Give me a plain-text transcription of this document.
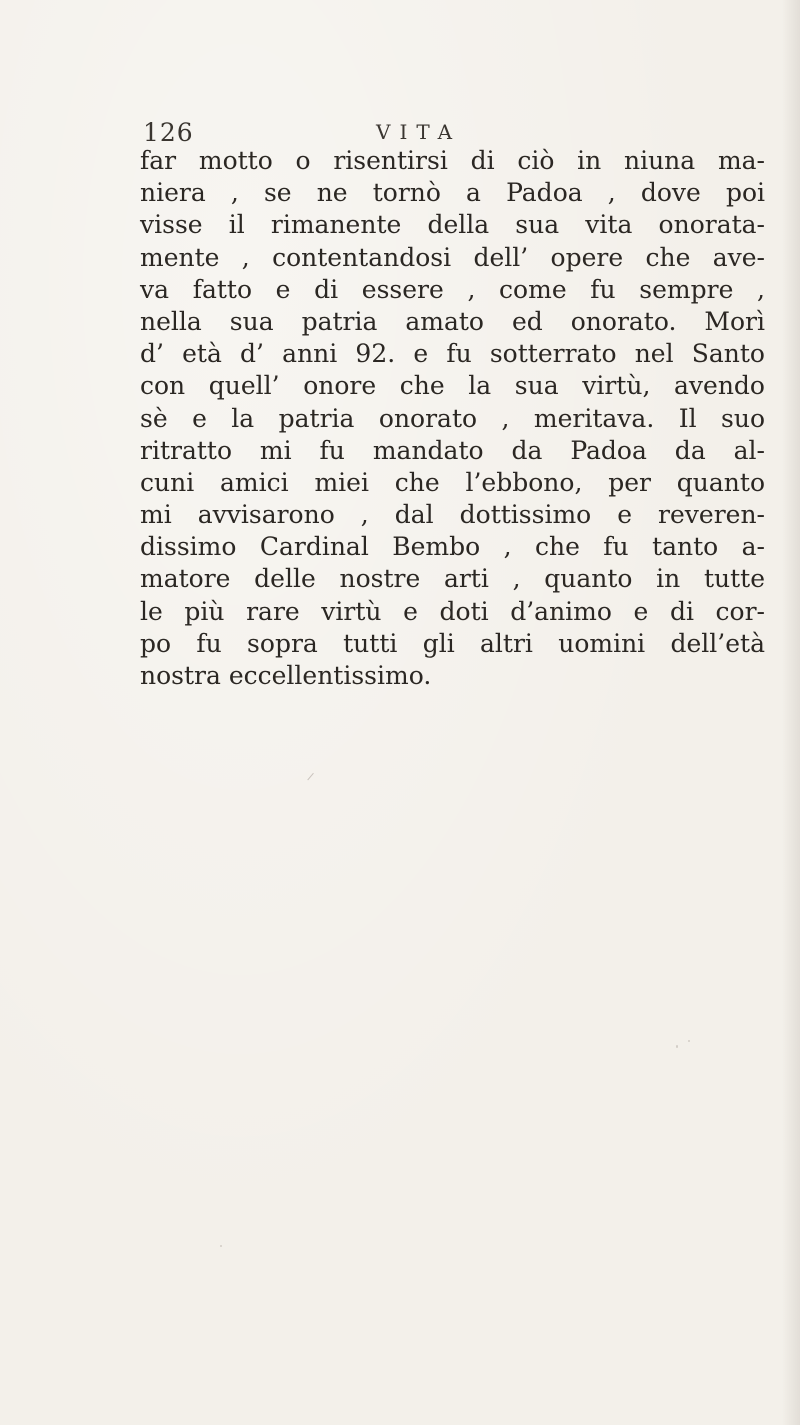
126	VITA
far motto o risentirsi di ciò in niuna ma-
niera , se ne tornò a Padoa , dove poi
visse il rimanente della sua vita onorata-
mente , contentandosi dell’ opere che ave-
va fatto e di essere , come fu sempre ,
nella sua patria amato ed onorato. Morì
d’ età d’ anni 92. e fu sotterrato nel Santo
con quell’ onore che la sua virtù, avendo
sè e la patria onorato , meritava. Il suo
ritratto mi fu mandato da Padoa da al-
cuni amici miei che l’ebbono, per quanto
mi avvisarono , dal dottissimo e reveren-
dissimo Cardinal Bembo , che fu tanto a-
matore delle nostre arti , quanto in tutte
le più rare virtù e doti d’animo e di cor-
po fu sopra tutti gli altri uomini dell’età
nostra eccellentissimo.
